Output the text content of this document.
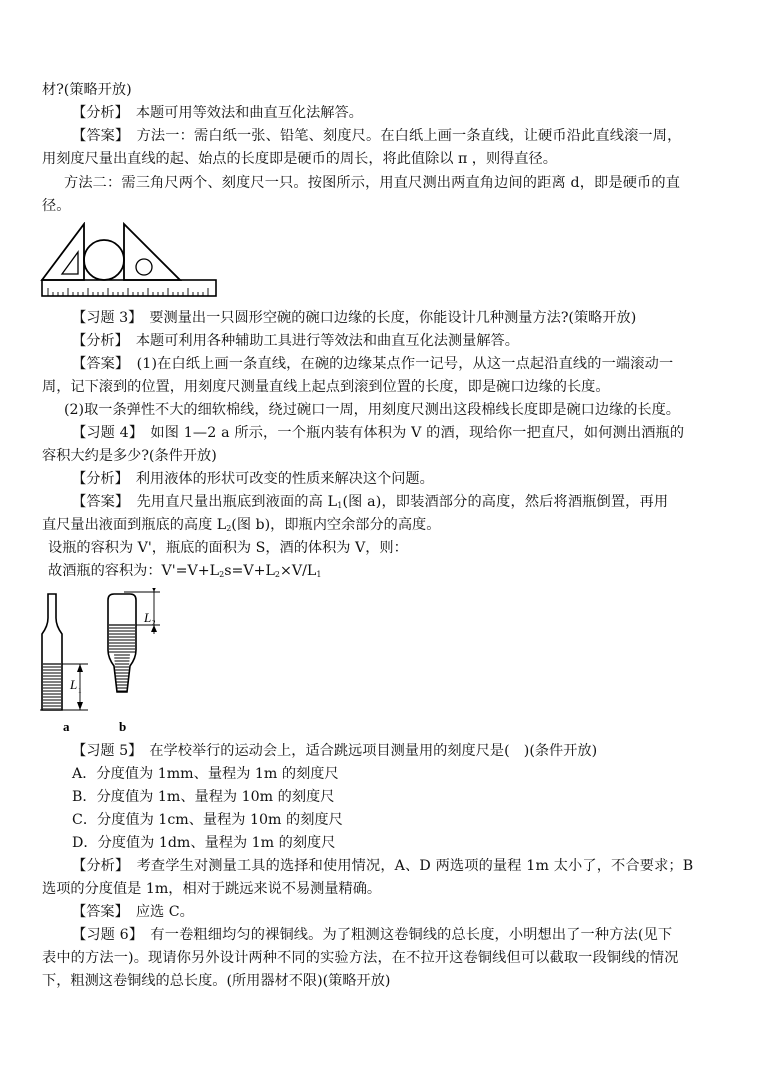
材?(策略开放)
【分析】　本题可用等效法和曲直互化法解答。
【答案】　方法一：需白纸一张、铅笔、刻度尺。在白纸上画一条直线，让硬币沿此直线滚一周，
用刻度尺量出直线的起、始点的长度即是硬币的周长，将此值除以 π ，则得直径。
方法二：需三角尺两个、刻度尺一只。按图所示，用直尺测出两直角边间的距离 d，即是硬币的直
径。
【习题 3】　要测量出一只圆形空碗的碗口边缘的长度，你能设计几种测量方法?(策略开放)
【分析】　本题可利用各种辅助工具进行等效法和曲直互化法测量解答。
【答案】　(1)在白纸上画一条直线，在碗的边缘某点作一记号，从这一点起沿直线的一端滚动一
周，记下滚到的位置，用刻度尺测量直线上起点到滚到位置的长度，即是碗口边缘的长度。
(2)取一条弹性不大的细软棉线，绕过碗口一周，用刻度尺测出这段棉线长度即是碗口边缘的长度。
【习题 4】　如图 1—2 a 所示，一个瓶内装有体积为 V 的酒，现给你一把直尺，如何测出酒瓶的
容积大约是多少?(条件开放)
【分析】　利用液体的形状可改变的性质来解决这个问题。
【答案】　先用直尺量出瓶底到液面的高 $L_1$(图 a)，即装酒部分的高度，然后将酒瓶倒置，再用
直尺量出液面到瓶底的高度 $L_2$(图 b)，即瓶内空余部分的高度。
设瓶的容积为 V'，瓶底的面积为 S，酒的体积为 V，则：
故酒瓶的容积为：$V'=V+L_2s=V+L_2\times V/L_1$
L 1
a
L 2
b
【习题 5】　在学校举行的运动会上，适合跳远项目测量用的刻度尺是(　)(条件开放)
A．分度值为 1mm、量程为 1m 的刻度尺
B．分度值为 1m、量程为 10m 的刻度尺
C．分度值为 1cm、量程为 10m 的刻度尺
D．分度值为 1dm、量程为 1m 的刻度尺
【分析】　考查学生对测量工具的选择和使用情况，A、D 两选项的量程 1m 太小了，不合要求；B
选项的分度值是 1m，相对于跳远来说不易测量精确。
【答案】　应选 C。
【习题 6】　有一卷粗细均匀的裸铜线。为了粗测这卷铜线的总长度，小明想出了一种方法(见下
表中的方法一)。现请你另外设计两种不同的实验方法，在不拉开这卷铜线但可以截取一段铜线的情况
下，粗测这卷铜线的总长度。(所用器材不限)(策略开放)
